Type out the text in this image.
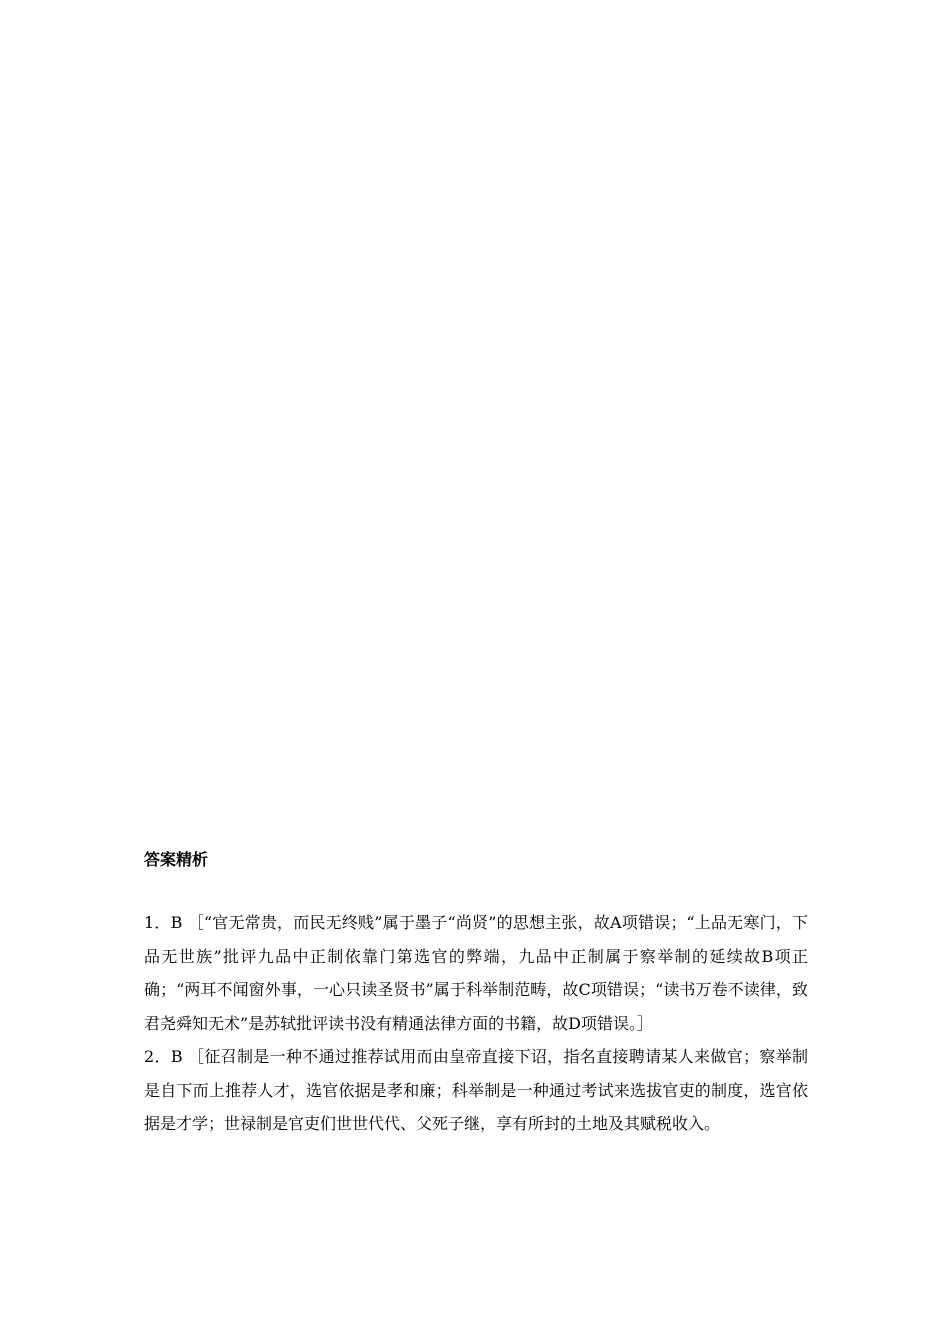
答案精析

1．B ［“官无常贵，而民无终贱”属于墨子“尚贤”的思想主张，故A项错误；“上品无寒门，下品无世族”批评九品中正制依靠门第选官的弊端，九品中正制属于察举制的延续故B项正确；“两耳不闻窗外事，一心只读圣贤书”属于科举制范畴，故C项错误；“读书万卷不读律，致君尧舜知无术”是苏轼批评读书没有精通法律方面的书籍，故D项错误。］

2．B ［征召制是一种不通过推荐试用而由皇帝直接下诏，指名直接聘请某人来做官；察举制是自下而上推荐人才，选官依据是孝和廉；科举制是一种通过考试来选拔官吏的制度，选官依据是才学；世禄制是官吏们世世代代、父死子继，享有所封的土地及其赋税收入。
